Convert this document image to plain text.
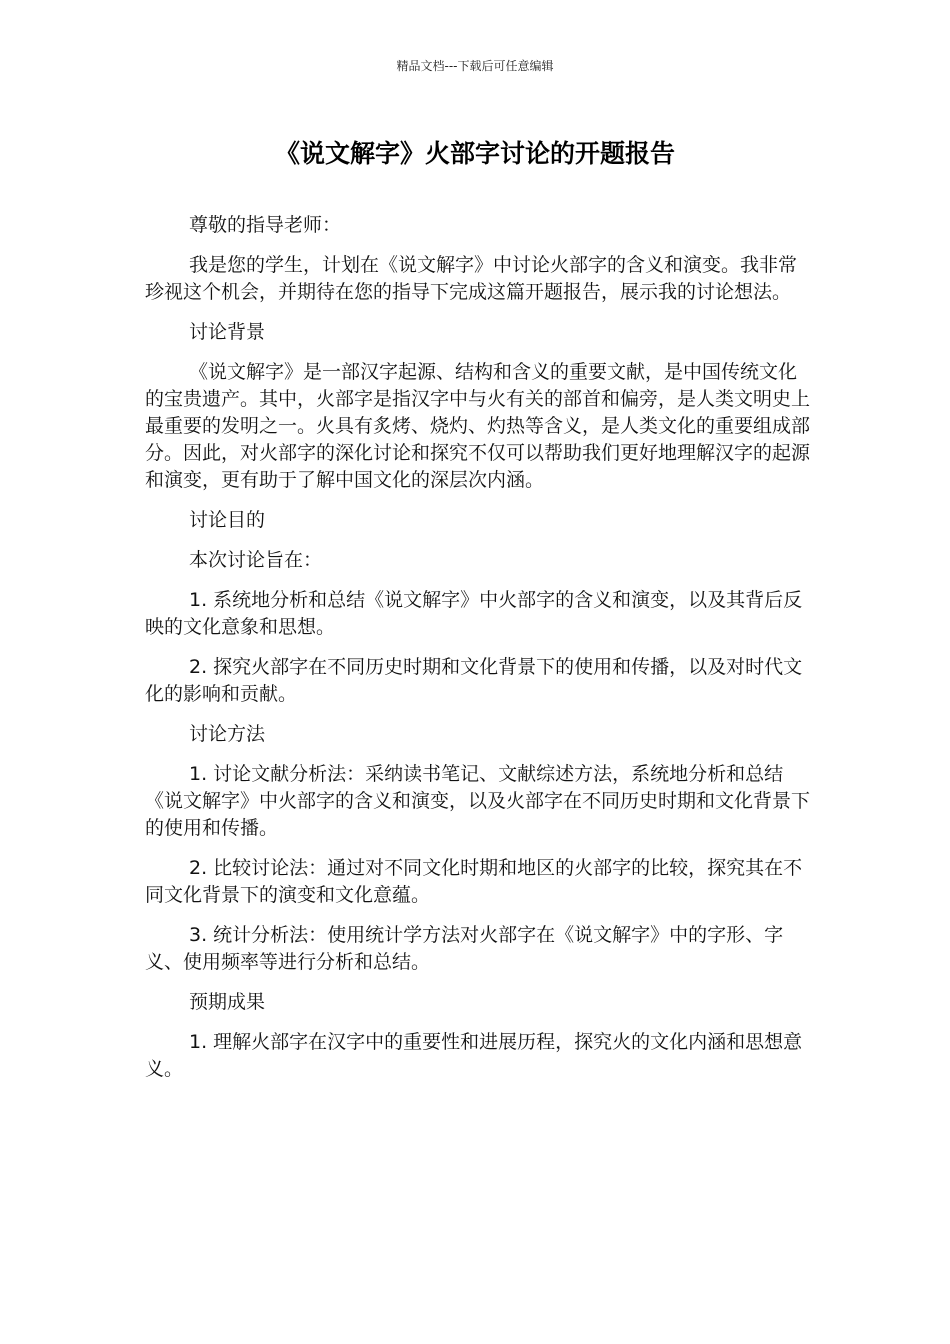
精品文档---下载后可任意编辑
《说文解字》火部字讨论的开题报告

尊敬的指导老师：

我是您的学生，计划在《说文解字》中讨论火部字的含义和演变。我非常珍视这个机会，并期待在您的指导下完成这篇开题报告，展示我的讨论想法。

讨论背景

《说文解字》是一部汉字起源、结构和含义的重要文献，是中国传统文化的宝贵遗产。其中，火部字是指汉字中与火有关的部首和偏旁，是人类文明史上最重要的发明之一。火具有炙烤、烧灼、灼热等含义，是人类文化的重要组成部分。因此，对火部字的深化讨论和探究不仅可以帮助我们更好地理解汉字的起源和演变，更有助于了解中国文化的深层次内涵。

讨论目的

本次讨论旨在：

1. 系统地分析和总结《说文解字》中火部字的含义和演变，以及其背后反映的文化意象和思想。

2. 探究火部字在不同历史时期和文化背景下的使用和传播，以及对时代文化的影响和贡献。

讨论方法

1. 讨论文献分析法：采纳读书笔记、文献综述方法，系统地分析和总结《说文解字》中火部字的含义和演变，以及火部字在不同历史时期和文化背景下的使用和传播。

2. 比较讨论法：通过对不同文化时期和地区的火部字的比较，探究其在不同文化背景下的演变和文化意蕴。

3. 统计分析法：使用统计学方法对火部字在《说文解字》中的字形、字义、使用频率等进行分析和总结。

预期成果

1. 理解火部字在汉字中的重要性和进展历程，探究火的文化内涵和思想意义。
